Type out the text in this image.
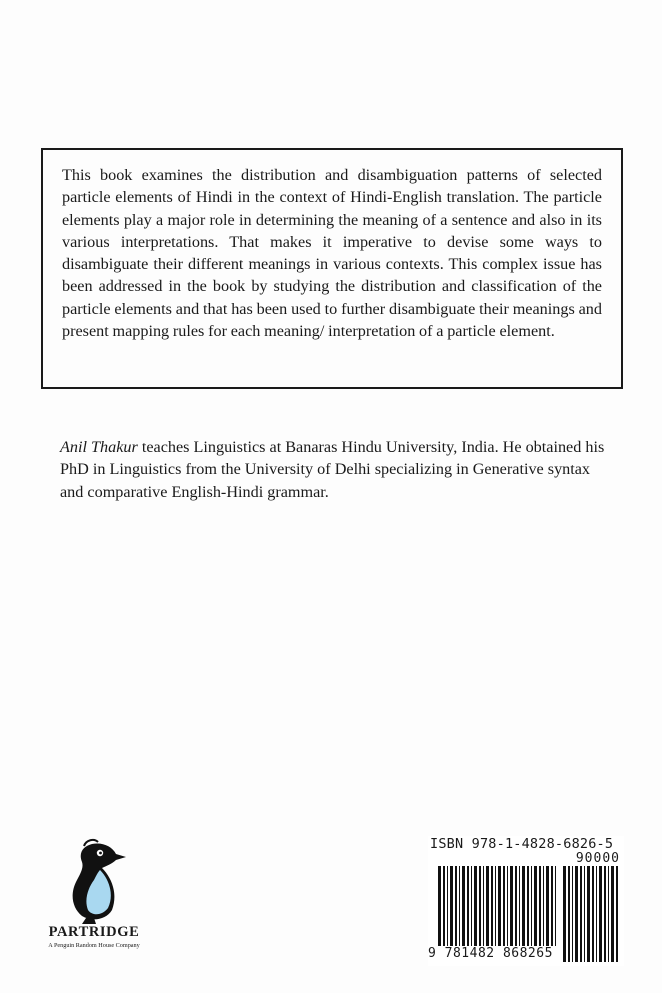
This book examines the distribution and disambiguation patterns of selected particle elements of Hindi in the context of Hindi-English translation. The particle elements play a major role in determining the meaning of a sentence and also in its various interpretations. That makes it imperative to devise some ways to disambiguate their different meanings in various contexts. This complex issue has been addressed in the book by studying the distribution and classification of the particle elements and that has been used to further disambiguate their meanings and present mapping rules for each meaning/ interpretation of a particle element.

Anil Thakur teaches Linguistics at Banaras Hindu University, India. He obtained his PhD in Linguistics from the University of Delhi specializing in Generative syntax and comparative English-Hindi grammar.

PARTRIDGE
A Penguin Random House Company
ISBN 978-1-4828-6826-5
90000
9 781482 868265
